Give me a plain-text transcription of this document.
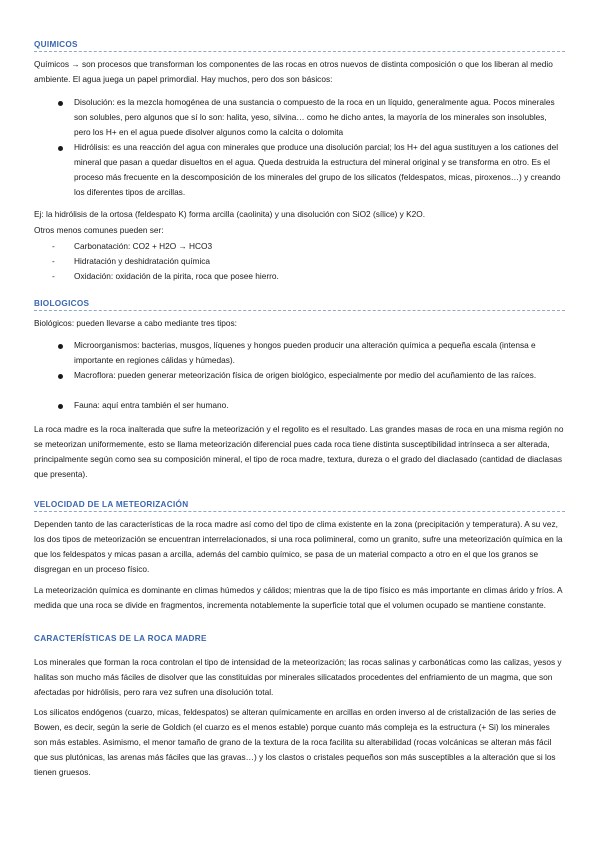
QUIMICOS

Químicos → son procesos que transforman los componentes de las rocas en otros nuevos de distinta composición o que los liberan al medio ambiente. El agua juega un papel primordial. Hay muchos, pero dos son básicos:

Disolución: es la mezcla homogénea de una sustancia o compuesto de la roca en un líquido, generalmente agua. Pocos minerales son solubles, pero algunos que sí lo son: halita, yeso, silvina… como he dicho antes, la mayoría de los minerales son insolubles, pero los H+ en el agua puede disolver algunos como la calcita o dolomita

Hidrólisis: es una reacción del agua con minerales que produce una disolución parcial; los H+ del agua sustituyen a los cationes del mineral que pasan a quedar disueltos en el agua. Queda destruida la estructura del mineral original y se transforma en otro. Es el proceso más frecuente en la descomposición de los minerales del grupo de los silicatos (feldespatos, micas, piroxenos…) y creando los diferentes tipos de arcillas.

Ej: la hidrólisis de la ortosa (feldespato K) forma arcilla (caolinita) y una disolución con SiO2 (sílice) y K2O.

Otros menos comunes pueden ser:

- Carbonatación: CO2 + H2O → HCO3
- Hidratación y deshidratación química
- Oxidación: oxidación de la pirita, roca que posee hierro.
BIOLOGICOS

Biológicos: pueden llevarse a cabo mediante tres tipos:

Microorganismos: bacterias, musgos, líquenes y hongos pueden producir una alteración química a pequeña escala (intensa e importante en regiones cálidas y húmedas).

Macroflora: pueden generar meteorización física de origen biológico, especialmente por medio del acuñamiento de las raíces.

Fauna: aquí entra también el ser humano.

La roca madre es la roca inalterada que sufre la meteorización y el regolito es el resultado. Las grandes masas de roca en una misma región no se meteorizan uniformemente, esto se llama meteorización diferencial pues cada roca tiene distinta susceptibilidad intrínseca a ser alterada, principalmente según como sea su composición mineral, el tipo de roca madre, textura, dureza o el grado del diaclasado (cantidad de diaclasas que presenta).

VELOCIDAD DE LA METEORIZACIÓN

Dependen tanto de las características de la roca madre así como del tipo de clima existente en la zona (precipitación y temperatura). A su vez, los dos tipos de meteorización se encuentran interrelacionados, si una roca polimineral, como un granito, sufre una meteorización química en la que los feldespatos y micas pasan a arcilla, además del cambio químico, se pasa de un material compacto a otro en el que los granos se disgregan en un proceso físico.

La meteorización química es dominante en climas húmedos y cálidos; mientras que la de tipo físico es más importante en climas árido y fríos. A medida que una roca se divide en fragmentos, incrementa notablemente la superficie total que el volumen ocupado se mantiene constante.

CARACTERÍSTICAS DE LA ROCA MADRE

Los minerales que forman la roca controlan el tipo de intensidad de la meteorización; las rocas salinas y carbonáticas como las calizas, yesos y halitas son mucho más fáciles de disolver que las constituidas por minerales silicatados procedentes del enfriamiento de un magma, que son afectadas por hidrólisis, pero rara vez sufren una disolución total.

Los silicatos endógenos (cuarzo, micas, feldespatos) se alteran químicamente en arcillas en orden inverso al de cristalización de las series de Bowen, es decir, según la serie de Goldich (el cuarzo es el menos estable) porque cuanto más compleja es la estructura (+ Si) los minerales son más estables. Asimismo, el menor tamaño de grano de la textura de la roca facilita su alterabilidad (rocas volcánicas se alteran más fácil que sus plutónicas, las arenas más fáciles que las gravas…) y los clastos o cristales pequeños son más susceptibles a la alteración que si los tienen gruesos.
